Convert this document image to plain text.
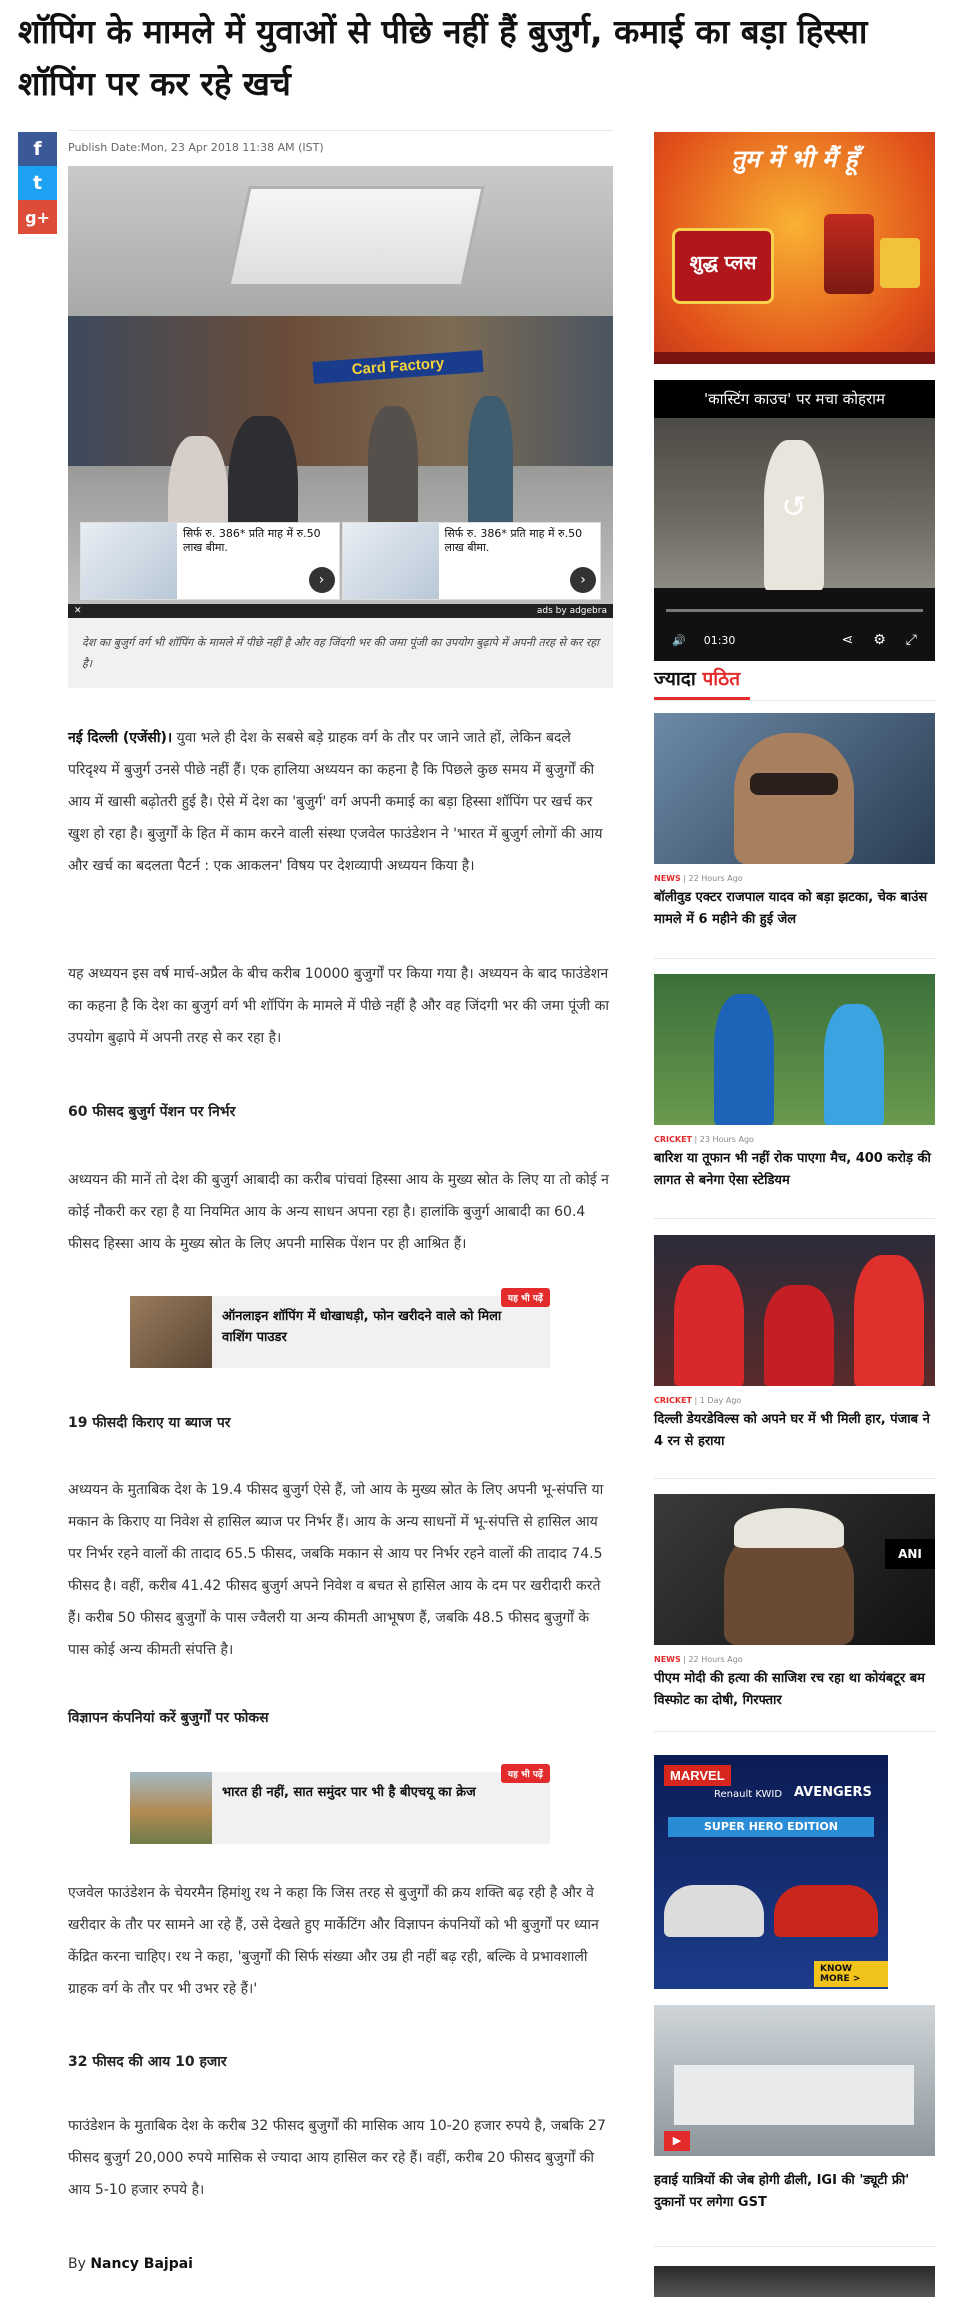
शॉपिंग के मामले में युवाओं से पीछे नहीं हैं बुजुर्ग, कमाई का बड़ा हिस्सा शॉपिंग पर कर रहे खर्च
f
t
g+
Publish Date:Mon, 23 Apr 2018 11:38 AM (IST)
Card Factory
सिर्फ रु. 386* प्रति माह में रु.50 लाख बीमा.
›
सिर्फ रु. 386* प्रति माह में रु.50 लाख बीमा.
›
✕	ads by adgebra
देश का बुजुर्ग वर्ग भी शॉपिंग के मामले में पीछे नहीं है और वह जिंदगी भर की जमा पूंजी का उपयोग बुढ़ापे में अपनी तरह से कर रहा है।

नई दिल्ली (एजेंसी)। युवा भले ही देश के सबसे बड़े ग्राहक वर्ग के तौर पर जाने जाते हों, लेकिन बदले परिदृश्य में बुजुर्ग उनसे पीछे नहीं हैं। एक हालिया अध्ययन का कहना है कि पिछले कुछ समय में बुजुर्गों की आय में खासी बढ़ोतरी हुई है। ऐसे में देश का 'बुजुर्ग' वर्ग अपनी कमाई का बड़ा हिस्सा शॉपिंग पर खर्च कर खुश हो रहा है। बुजुर्गों के हित में काम करने वाली संस्था एजवेल फाउंडेशन ने 'भारत में बुजुर्ग लोगों की आय और खर्च का बदलता पैटर्न : एक आकलन' विषय पर देशव्यापी अध्ययन किया है।

यह अध्ययन इस वर्ष मार्च-अप्रैल के बीच करीब 10000 बुजुर्गों पर किया गया है। अध्ययन के बाद फाउंडेशन का कहना है कि देश का बुजुर्ग वर्ग भी शॉपिंग के मामले में पीछे नहीं है और वह जिंदगी भर की जमा पूंजी का उपयोग बुढ़ापे में अपनी तरह से कर रहा है।

60 फीसद बुजुर्ग पेंशन पर निर्भर

अध्ययन की मानें तो देश की बुजुर्ग आबादी का करीब पांचवां हिस्सा आय के मुख्य स्रोत के लिए या तो कोई न कोई नौकरी कर रहा है या नियमित आय के अन्य साधन अपना रहा है। हालांकि बुजुर्ग आबादी का 60.4 फीसद हिस्सा आय के मुख्य स्रोत के लिए अपनी मासिक पेंशन पर ही आश्रित हैं।

ऑनलाइन शॉपिंग में धोखाधड़ी, फोन खरीदने वाले को मिला वाशिंग पाउडर
यह भी पढ़ें
19 फीसदी किराए या ब्याज पर

अध्ययन के मुताबिक देश के 19.4 फीसद बुजुर्ग ऐसे हैं, जो आय के मुख्य स्रोत के लिए अपनी भू-संपत्ति या मकान के किराए या निवेश से हासिल ब्याज पर निर्भर हैं। आय के अन्य साधनों में भू-संपत्ति से हासिल आय पर निर्भर रहने वालों की तादाद 65.5 फीसद, जबकि मकान से आय पर निर्भर रहने वालों की तादाद 74.5 फीसद है। वहीं, करीब 41.42 फीसद बुजुर्ग अपने निवेश व बचत से हासिल आय के दम पर खरीदारी करते हैं। करीब 50 फीसद बुजुर्गों के पास ज्वैलरी या अन्य कीमती आभूषण हैं, जबकि 48.5 फीसद बुजुर्गों के पास कोई अन्य कीमती संपत्ति है।

विज्ञापन कंपनियां करें बुजुर्गों पर फोकस
भारत ही नहीं, सात समुंदर पार भी है बीएचयू का क्रेज
यह भी पढ़ें

एजवेल फाउंडेशन के चेयरमैन हिमांशु रथ ने कहा कि जिस तरह से बुजुर्गों की क्रय शक्ति बढ़ रही है और वे खरीदार के तौर पर सामने आ रहे हैं, उसे देखते हुए मार्केटिंग और विज्ञापन कंपनियों को भी बुजुर्गों पर ध्यान केंद्रित करना चाहिए। रथ ने कहा, 'बुजुर्गों की सिर्फ संख्या और उम्र ही नहीं बढ़ रही, बल्कि वे प्रभावशाली ग्राहक वर्ग के तौर पर भी उभर रहे हैं।'

32 फीसद की आय 10 हजार

फाउंडेशन के मुताबिक देश के करीब 32 फीसद बुजुर्गों की मासिक आय 10-20 हजार रुपये है, जबकि 27 फीसद बुजुर्ग 20,000 रुपये मासिक से ज्यादा आय हासिल कर रहे हैं। वहीं, करीब 20 फीसद बुजुर्गों की आय 5-10 हजार रुपये है।

By Nancy Bajpai
तुम में भी मैं हूँ
शुद्ध प्लस
'कास्टिंग काउच' पर मचा कोहराम
↺
🔊 01:30	⋖ ⚙ ⤢
ज्यादा पठित
NEWS | 22 Hours Ago
बॉलीवुड एक्टर राजपाल यादव को बड़ा झटका, चेक बाउंस मामले में 6 महीने की हुई जेल
CRICKET | 23 Hours Ago
बारिश या तूफान भी नहीं रोक पाएगा मैच, 400 करोड़ की लागत से बनेगा ऐसा स्टेडियम
CRICKET | 1 Day Ago
दिल्ली डेयरडेविल्स को अपने घर में भी मिली हार, पंजाब ने 4 रन से हराया
ANI
NEWS | 22 Hours Ago
पीएम मोदी की हत्या की साजिश रच रहा था कोयंबटूर बम विस्फोट का दोषी, गिरफ्तार
MARVEL
Renault KWID AVENGERS
SUPER HERO EDITION
KNOW MORE >
▶
हवाई यात्रियों की जेब होगी ढीली, IGI की 'ड्यूटी फ्री' दुकानों पर लगेगा GST
